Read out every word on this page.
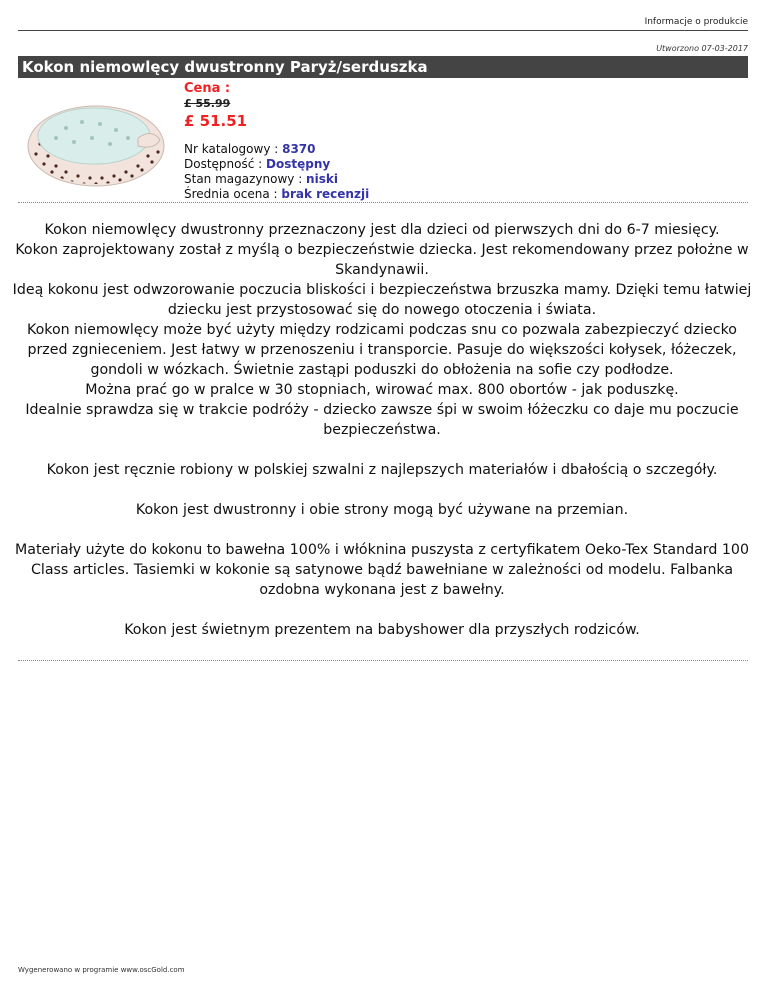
Informacje o produkcie
Utworzono 07-03-2017
Kokon niemowlęcy dwustronny Paryż/serduszka
Cena :
£ 55.99
£ 51.51
Nr katalogowy : 8370
Dostępność : Dostępny
Stan magazynowy : niski
Średnia ocena : brak recenzji

Kokon niemowlęcy dwustronny przeznaczony jest dla dzieci od pierwszych dni do 6-7 miesięcy.
Kokon zaprojektowany został z myślą o bezpieczeństwie dziecka. Jest rekomendowany przez położne w Skandynawii.
Ideą kokonu jest odwzorowanie poczucia bliskości i bezpieczeństwa brzuszka mamy. Dzięki temu łatwiej dziecku jest przystosować się do nowego otoczenia i świata.
Kokon niemowlęcy może być użyty między rodzicami podczas snu co pozwala zabezpieczyć dziecko przed zgnieceniem. Jest łatwy w przenoszeniu i transporcie. Pasuje do większości kołysek, łóżeczek, gondoli w wózkach. Świetnie zastąpi poduszki do obłożenia na sofie czy podłodze.
Można prać go w pralce w 30 stopniach, wirować max. 800 obortów - jak poduszkę.
Idealnie sprawdza się w trakcie podróży - dziecko zawsze śpi w swoim łóżeczku co daje mu poczucie bezpieczeństwa.

Kokon jest ręcznie robiony w polskiej szwalni z najlepszych materiałów i dbałością o szczegóły.

Kokon jest dwustronny i obie strony mogą być używane na przemian.

Materiały użyte do kokonu to bawełna 100% i włóknina puszysta z certyfikatem Oeko-Tex Standard 100 Class articles. Tasiemki w kokonie są satynowe bądź bawełniane w zależności od modelu. Falbanka ozdobna wykonana jest z bawełny.

Kokon jest świetnym prezentem na babyshower dla przyszłych rodziców.

Wygenerowano w programie www.oscGold.com
